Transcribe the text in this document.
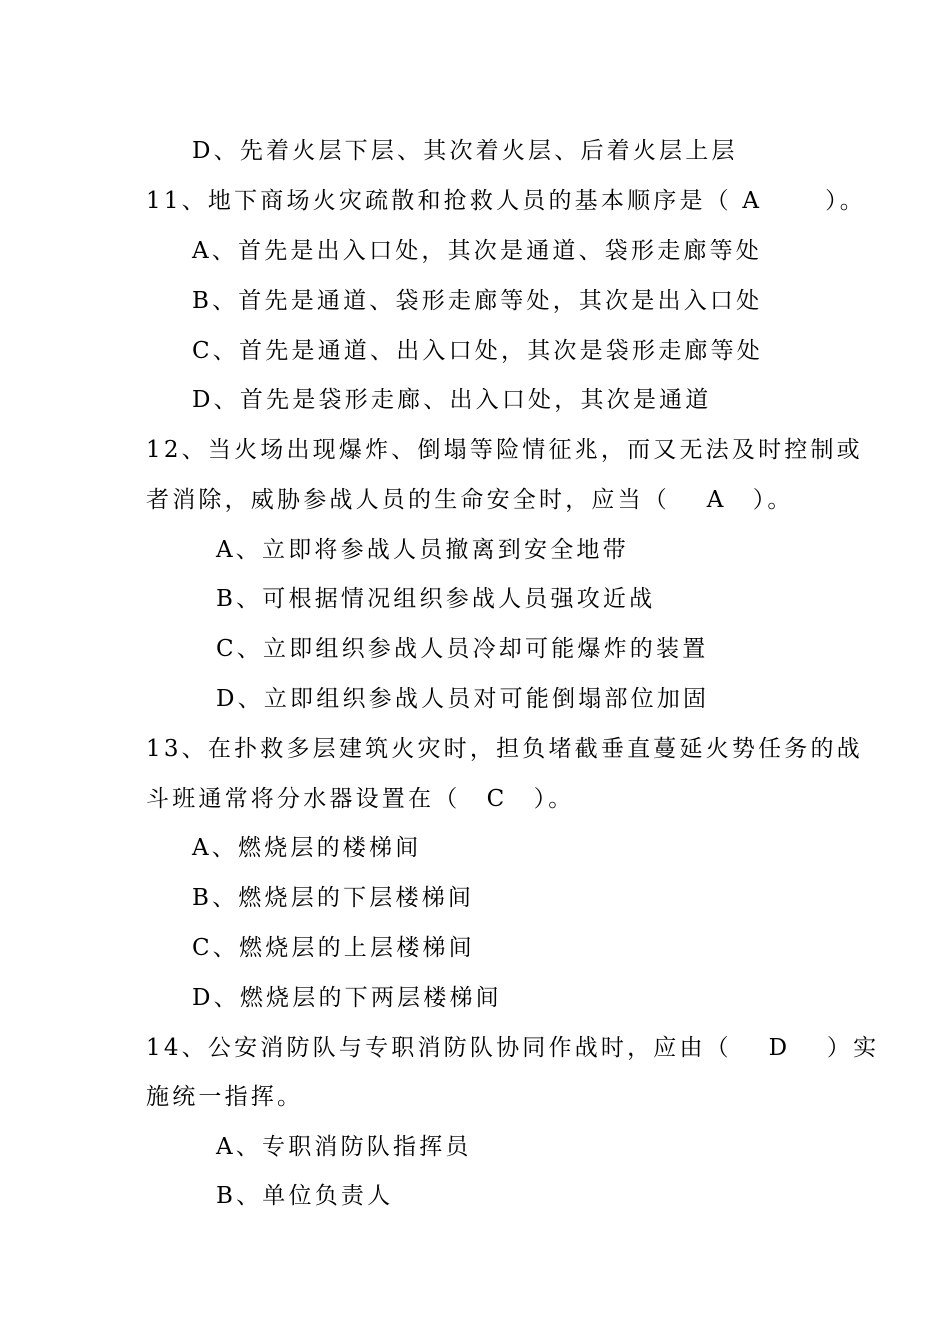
D、先着火层下层、其次着火层、后着火层上层
11、地下商场火灾疏散和抢救人员的基本顺序是（ A　　 ）。
A、首先是出入口处，其次是通道、袋形走廊等处
B、首先是通道、袋形走廊等处，其次是出入口处
C、首先是通道、出入口处，其次是袋形走廊等处
D、首先是袋形走廊、出入口处，其次是通道
12、当火场出现爆炸、倒塌等险情征兆，而又无法及时控制或
者消除，威胁参战人员的生命安全时，应当（　 A　）。
A、立即将参战人员撤离到安全地带
B、可根据情况组织参战人员强攻近战
C、立即组织参战人员冷却可能爆炸的装置
D、立即组织参战人员对可能倒塌部位加固
13、在扑救多层建筑火灾时，担负堵截垂直蔓延火势任务的战
斗班通常将分水器设置在（　C　）。
A、燃烧层的楼梯间
B、燃烧层的下层楼梯间
C、燃烧层的上层楼梯间
D、燃烧层的下两层楼梯间
14、公安消防队与专职消防队协同作战时，应由（　 D　 ）实
施统一指挥。
A、专职消防队指挥员
B、单位负责人
